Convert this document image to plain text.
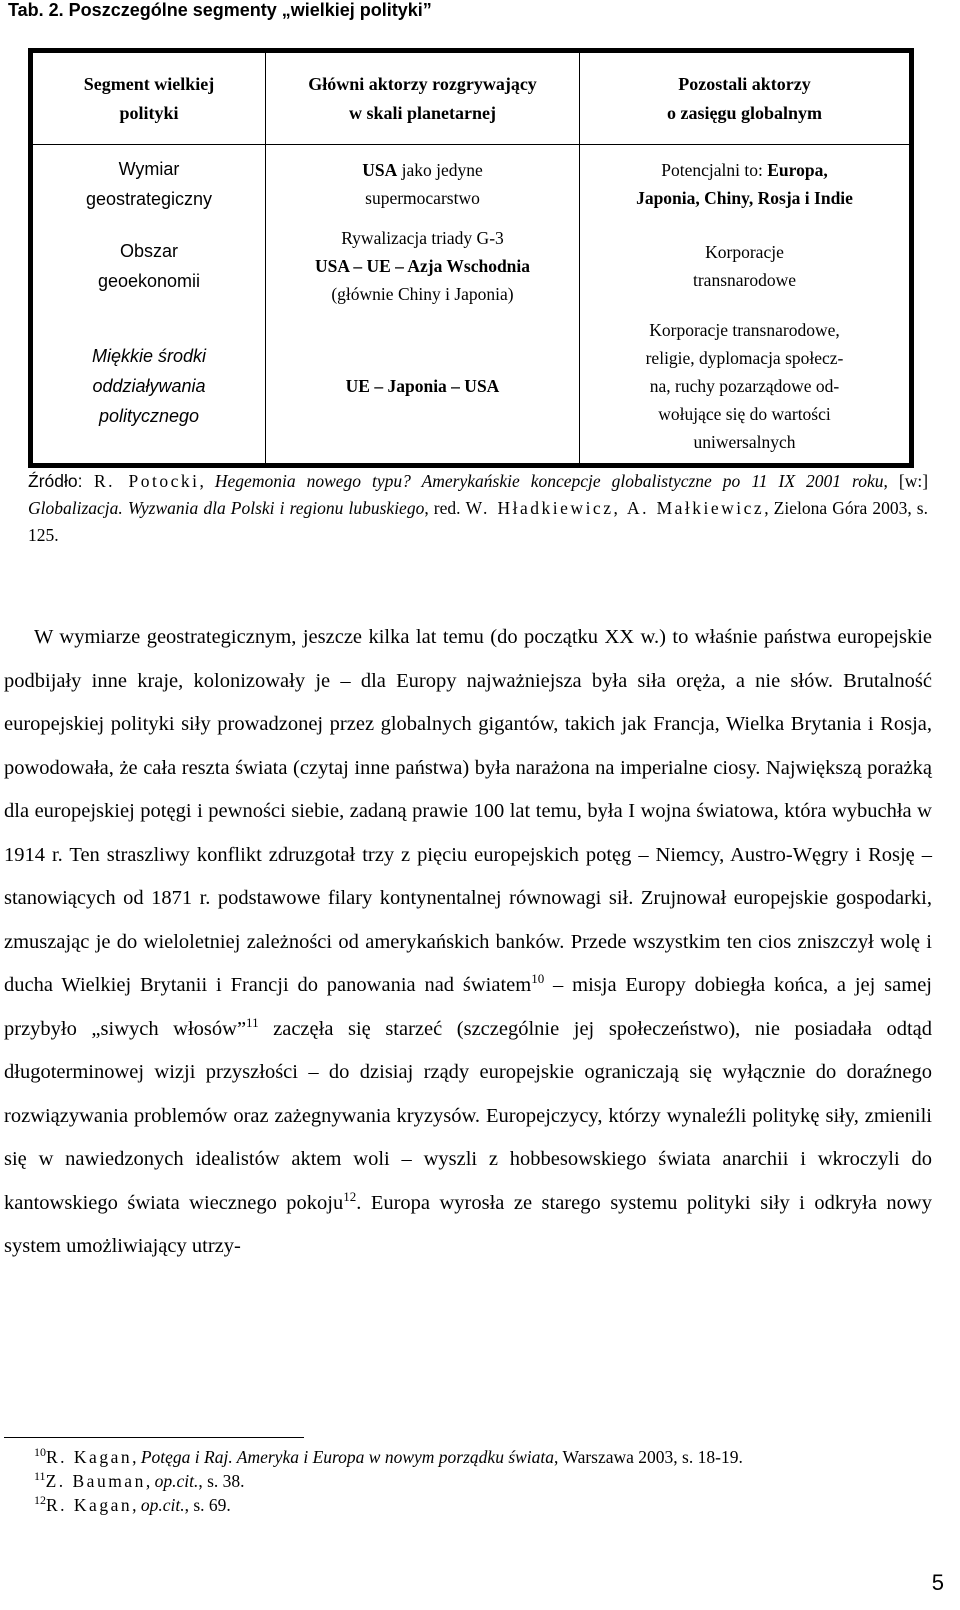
Tab. 2. Poszczególne segmenty „wielkiej polityki”
Segment wielkiej
polityki
Wymiar
geostrategiczny
Obszar
geoekonomii
Miękkie środki
oddziaływania
politycznego
Główni aktorzy rozgrywający
w skali planetarnej
USA jako jedyne supermocarstwo
Rywalizacja triady G-3
USA – UE – Azja Wschodnia
(głównie Chiny i Japonia)
UE – Japonia – USA
Pozostali aktorzy
o zasięgu globalnym
Potencjalni to: Europa, Japonia, Chiny, Rosja i Indie
Korporacje
transnarodowe
Korporacje transnarodowe,
religie, dyplomacja społecz-
na, ruchy pozarządowe od-
wołujące się do wartości
uniwersalnych
Źródło: R. Potocki, Hegemonia nowego typu? Amerykańskie koncepcje globalistyczne po 11 IX 2001 roku, [w:] Globalizacja. Wyzwania dla Polski i regionu lubuskiego, red. W. Hładkiewicz, A. Małkiewicz, Zielona Góra 2003, s. 125.

W wymiarze geostrategicznym, jeszcze kilka lat temu (do początku XX w.) to właśnie państwa europejskie podbijały inne kraje, kolonizowały je – dla Europy najważniejsza była siła oręża, a nie słów. Brutalność europejskiej polityki siły prowadzonej przez globalnych gigantów, takich jak Francja, Wielka Brytania i Rosja, powodowała, że cała reszta świata (czytaj inne państwa) była narażona na imperialne ciosy. Największą porażką dla europejskiej potęgi i pewności siebie, zadaną prawie 100 lat temu, była I wojna światowa, która wybuchła w 1914 r. Ten straszliwy konflikt zdruzgotał trzy z pięciu europejskich potęg – Niemcy, Austro-Węgry i Rosję – stanowiących od 1871 r. podstawowe filary kontynentalnej równowagi sił. Zrujnował europejskie gospodarki, zmuszając je do wieloletniej zależności od amerykańskich banków. Przede wszystkim ten cios zniszczył wolę i ducha Wielkiej Brytanii i Francji do panowania nad światem$^{10}$ – misja Europy dobiegła końca, a jej samej przybyło „siwych włosów”$^{11}$ zaczęła się starzeć (szczególnie jej społeczeństwo), nie posiadała odtąd długoterminowej wizji przyszłości – do dzisiaj rządy europejskie ograniczają się wyłącznie do doraźnego rozwiązywania problemów oraz zażegnywania kryzysów. Europejczycy, którzy wynaleźli politykę siły, zmienili się w nawiedzonych idealistów aktem woli – wyszli z hobbesowskiego świata anarchii i wkroczyli do kantowskiego świata wiecznego pokoju$^{12}$. Europa wyrosła ze starego systemu polityki siły i odkryła nowy system umożliwiający utrzy-

$^{10}$R. Kagan, Potęga i Raj. Ameryka i Europa w nowym porządku świata, Warszawa 2003, s. 18-19.
$^{11}$Z. Bauman, op.cit., s. 38.
$^{12}$R. Kagan, op.cit., s. 69.
5
